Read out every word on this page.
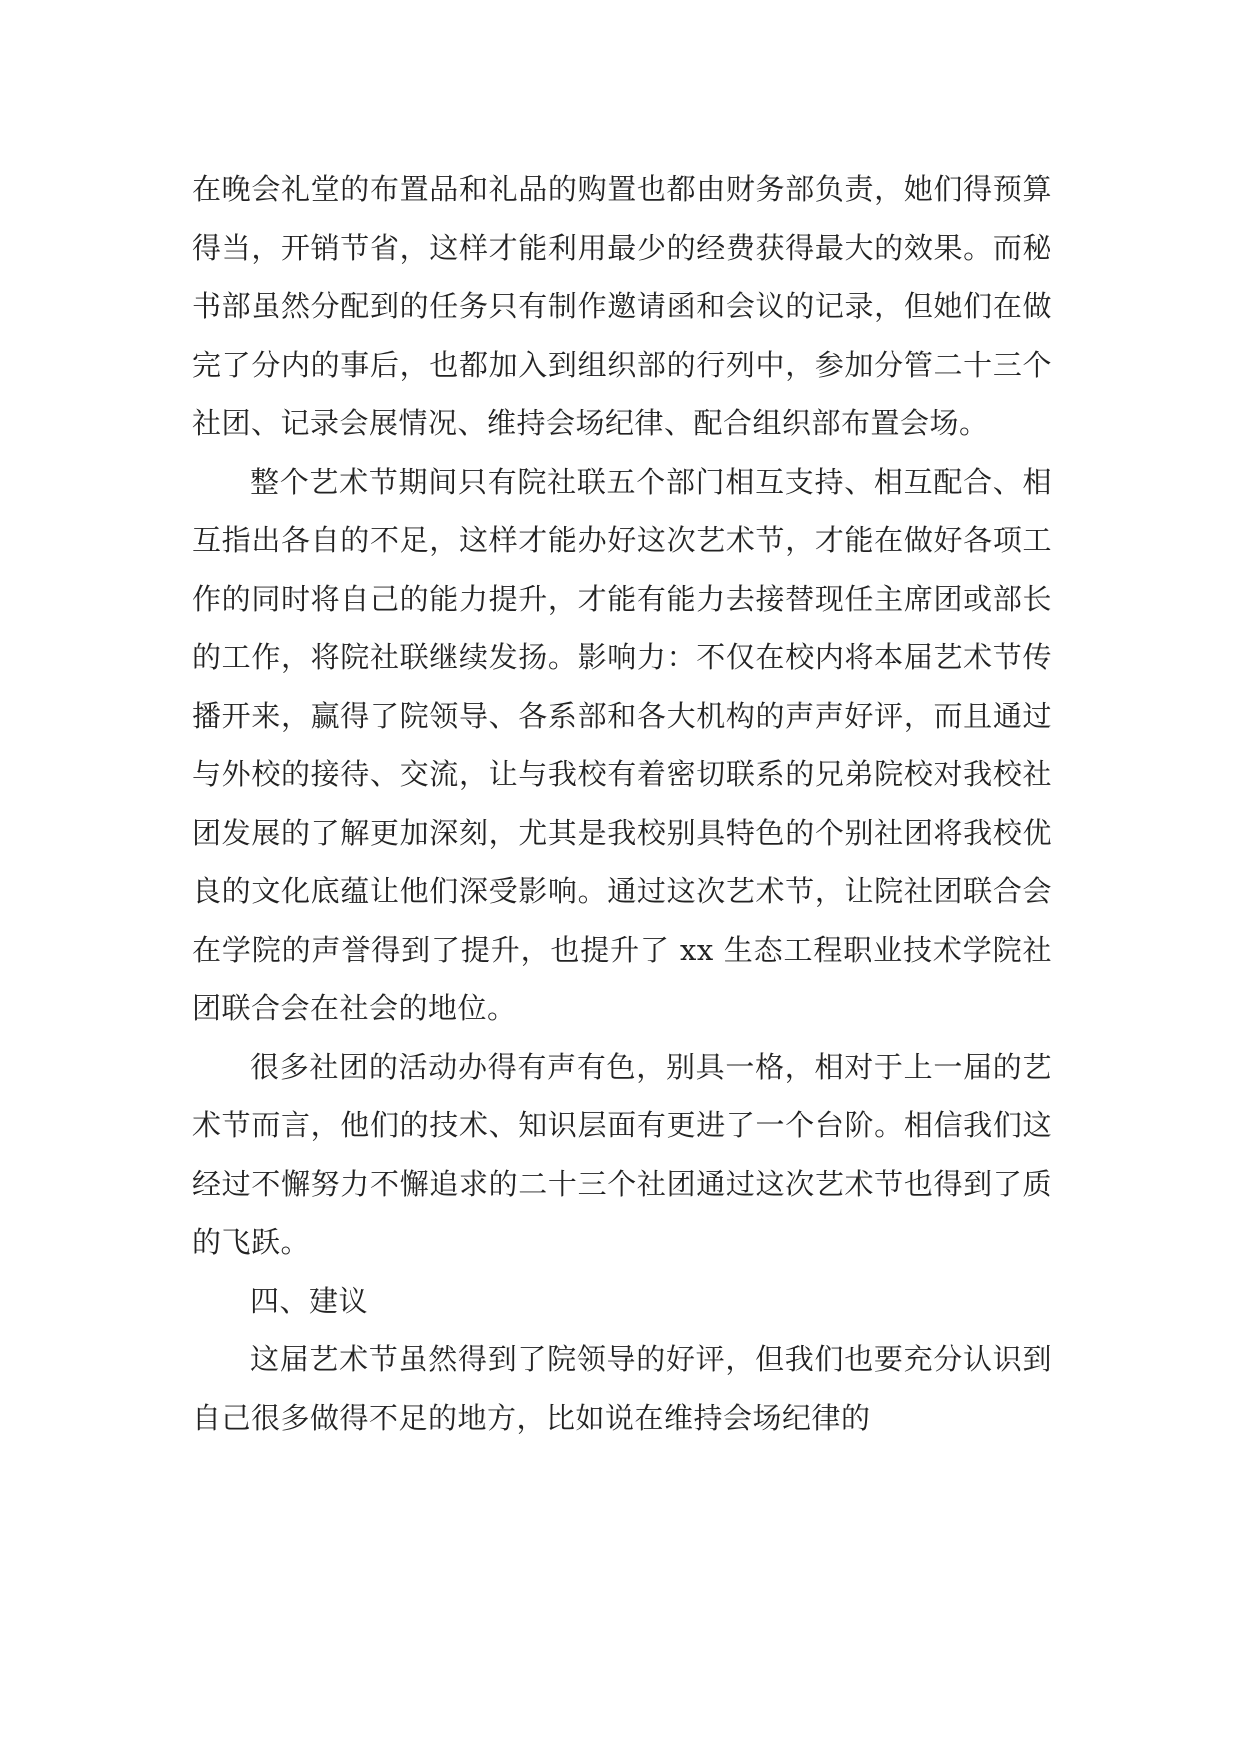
在晚会礼堂的布置品和礼品的购置也都由财务部负责，她们得预算得当，开销节省，这样才能利用最少的经费获得最大的效果。而秘书部虽然分配到的任务只有制作邀请函和会议的记录，但她们在做完了分内的事后，也都加入到组织部的行列中，参加分管二十三个社团、记录会展情况、维持会场纪律、配合组织部布置会场。

整个艺术节期间只有院社联五个部门相互支持、相互配合、相互指出各自的不足，这样才能办好这次艺术节，才能在做好各项工作的同时将自己的能力提升，才能有能力去接替现任主席团或部长的工作，将院社联继续发扬。影响力：不仅在校内将本届艺术节传播开来，赢得了院领导、各系部和各大机构的声声好评，而且通过与外校的接待、交流，让与我校有着密切联系的兄弟院校对我校社团发展的了解更加深刻，尤其是我校别具特色的个别社团将我校优良的文化底蕴让他们深受影响。通过这次艺术节，让院社团联合会在学院的声誉得到了提升，也提升了 xx 生态工程职业技术学院社团联合会在社会的地位。

很多社团的活动办得有声有色，别具一格，相对于上一届的艺术节而言，他们的技术、知识层面有更进了一个台阶。相信我们这经过不懈努力不懈追求的二十三个社团通过这次艺术节也得到了质的飞跃。

四、建议

这届艺术节虽然得到了院领导的好评，但我们也要充分认识到自己很多做得不足的地方，比如说在维持会场纪律的
